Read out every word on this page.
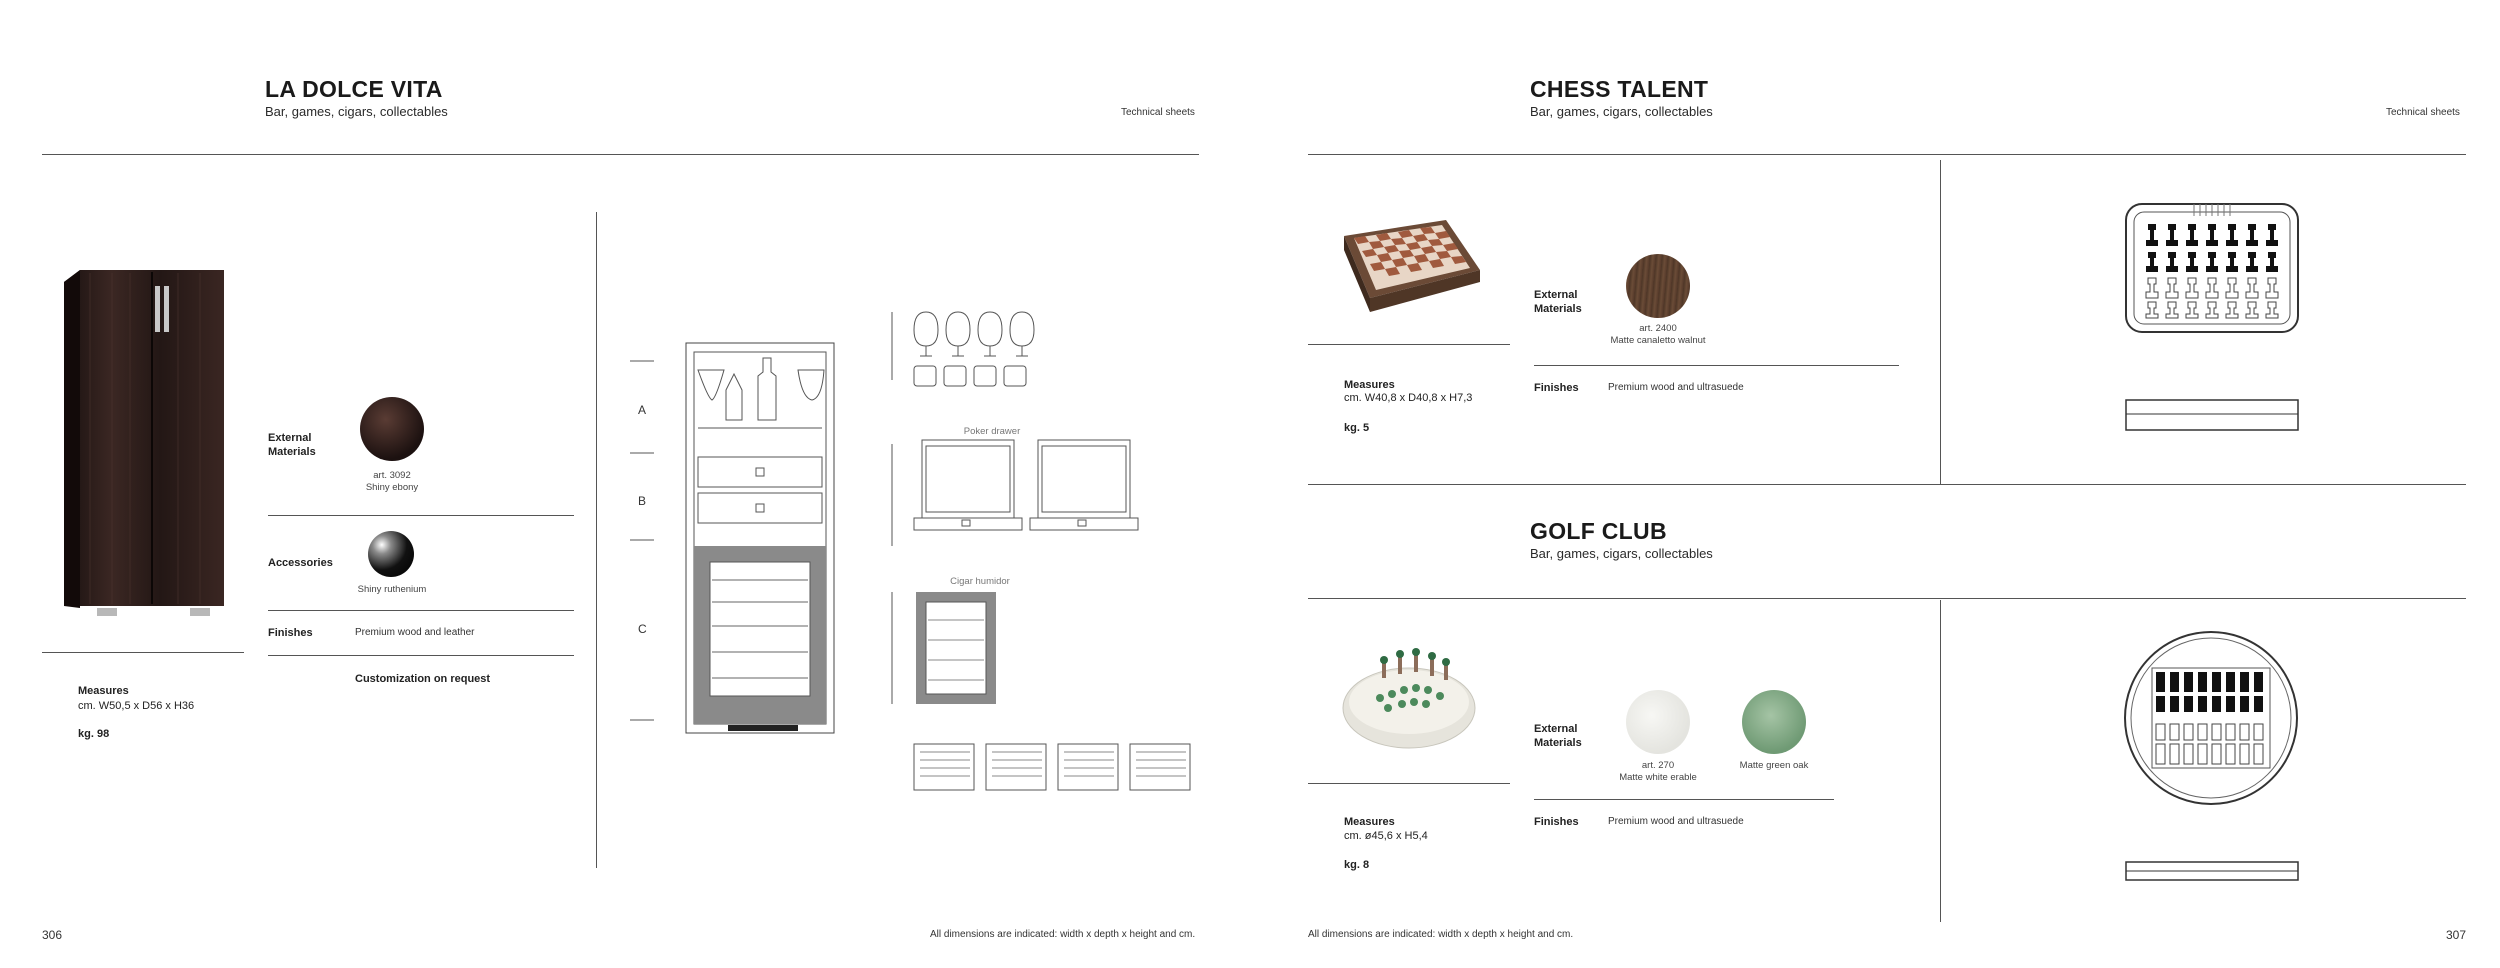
LA DOLCE VITA
Bar, games, cigars, collectables	Technical sheets
Measures
cm. W50,5 x D56 x H36
kg. 98
External
Materials
art. 3092
Shiny ebony
Accessories
Shiny ruthenium
Finishes	Premium wood and leather
Customization on request
A
B
C
Poker drawer
Cigar humidor
306	All dimensions are indicated: width x depth x height and cm.
CHESS TALENT
Bar, games, cigars, collectables	Technical sheets
Measures
cm. W40,8 x D40,8 x H7,3
kg. 5
External
Materials
art. 2400
Matte canaletto walnut
Finishes	Premium wood and ultrasuede
GOLF CLUB
Bar, games, cigars, collectables
Measures
cm. ø45,6 x H5,4
kg. 8
External
Materials
art. 270
Matte white erable
Matte green oak
Finishes	Premium wood and ultrasuede
All dimensions are indicated: width x depth x height and cm.	307
